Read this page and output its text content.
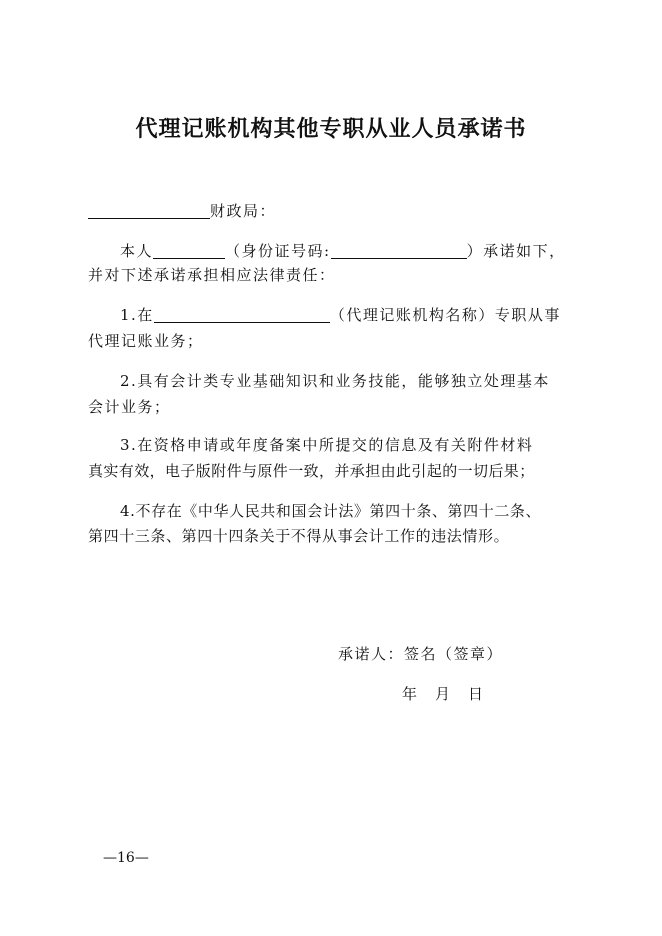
代理记账机构其他专职从业人员承诺书
财政局：
本人	（身份证号码:	）承诺如下，
并对下述承诺承担相应法律责任：
1.在	（代理记账机构名称）专职从事
代理记账业务；
2.具有会计类专业基础知识和业务技能，能够独立处理基本
会计业务；
3.在资格申请或年度备案中所提交的信息及有关附件材料
真实有效，电子版附件与原件一致，并承担由此引起的一切后果；
4.不存在《中华人民共和国会计法》第四十条、第四十二条、
第四十三条、第四十四条关于不得从事会计工作的违法情形。
承诺人：签名（签章）
年　月　日
—16—
